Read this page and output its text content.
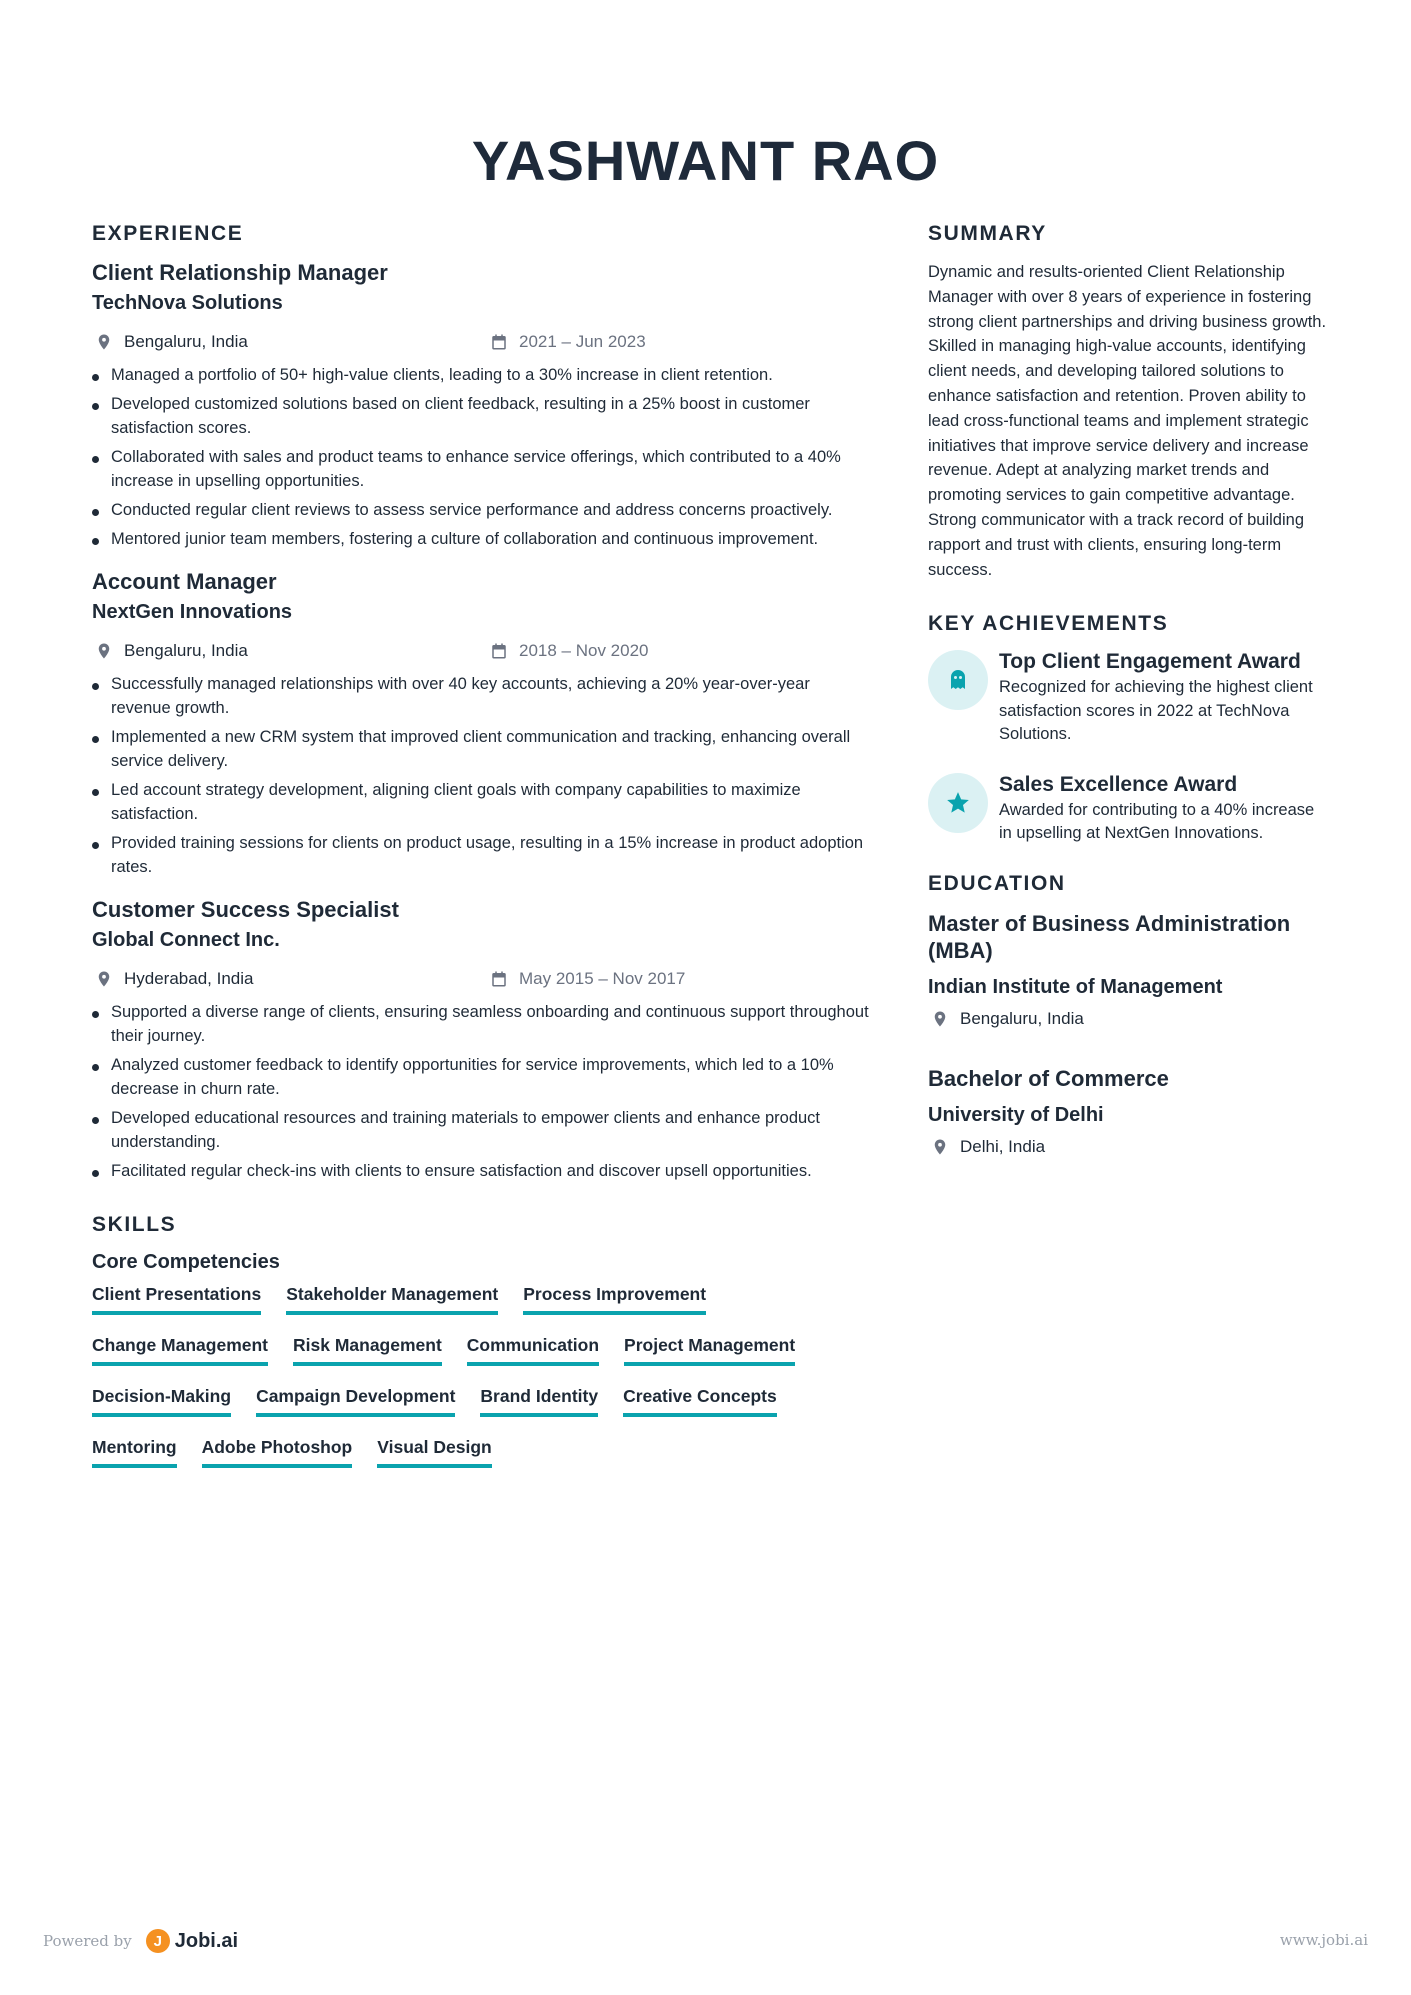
YASHWANT RAO
EXPERIENCE
Client Relationship Manager
TechNova Solutions
Bengaluru, India	2021 – Jun 2023
Managed a portfolio of 50+ high-value clients, leading to a 30% increase in client retention.
Developed customized solutions based on client feedback, resulting in a 25% boost in customer satisfaction scores.
Collaborated with sales and product teams to enhance service offerings, which contributed to a 40% increase in upselling opportunities.
Conducted regular client reviews to assess service performance and address concerns proactively.
Mentored junior team members, fostering a culture of collaboration and continuous improvement.
Account Manager
NextGen Innovations
Bengaluru, India	2018 – Nov 2020
Successfully managed relationships with over 40 key accounts, achieving a 20% year-over-year revenue growth.
Implemented a new CRM system that improved client communication and tracking, enhancing overall service delivery.
Led account strategy development, aligning client goals with company capabilities to maximize satisfaction.
Provided training sessions for clients on product usage, resulting in a 15% increase in product adoption rates.
Customer Success Specialist
Global Connect Inc.
Hyderabad, India	May 2015 – Nov 2017
Supported a diverse range of clients, ensuring seamless onboarding and continuous support throughout their journey.
Analyzed customer feedback to identify opportunities for service improvements, which led to a 10% decrease in churn rate.
Developed educational resources and training materials to empower clients and enhance product understanding.
Facilitated regular check-ins with clients to ensure satisfaction and discover upsell opportunities.
SKILLS
Core Competencies
Client Presentations Stakeholder Management Process Improvement
Change Management Risk Management Communication Project Management
Decision-Making Campaign Development Brand Identity Creative Concepts
Mentoring Adobe Photoshop Visual Design
SUMMARY
Dynamic and results-oriented Client Relationship Manager with over 8 years of experience in fostering strong client partnerships and driving business growth. Skilled in managing high-value accounts, identifying client needs, and developing tailored solutions to enhance satisfaction and retention. Proven ability to lead cross-functional teams and implement strategic initiatives that improve service delivery and increase revenue. Adept at analyzing market trends and promoting services to gain competitive advantage. Strong communicator with a track record of building rapport and trust with clients, ensuring long-term success.
KEY ACHIEVEMENTS
Top Client Engagement Award
Recognized for achieving the highest client satisfaction scores in 2022 at TechNova Solutions.
Sales Excellence Award
Awarded for contributing to a 40% increase in upselling at NextGen Innovations.
EDUCATION
Master of Business Administration (MBA)
Indian Institute of Management
Bengaluru, India
Bachelor of Commerce
University of Delhi
Delhi, India
Powered by	J Jobi.ai	www.jobi.ai
